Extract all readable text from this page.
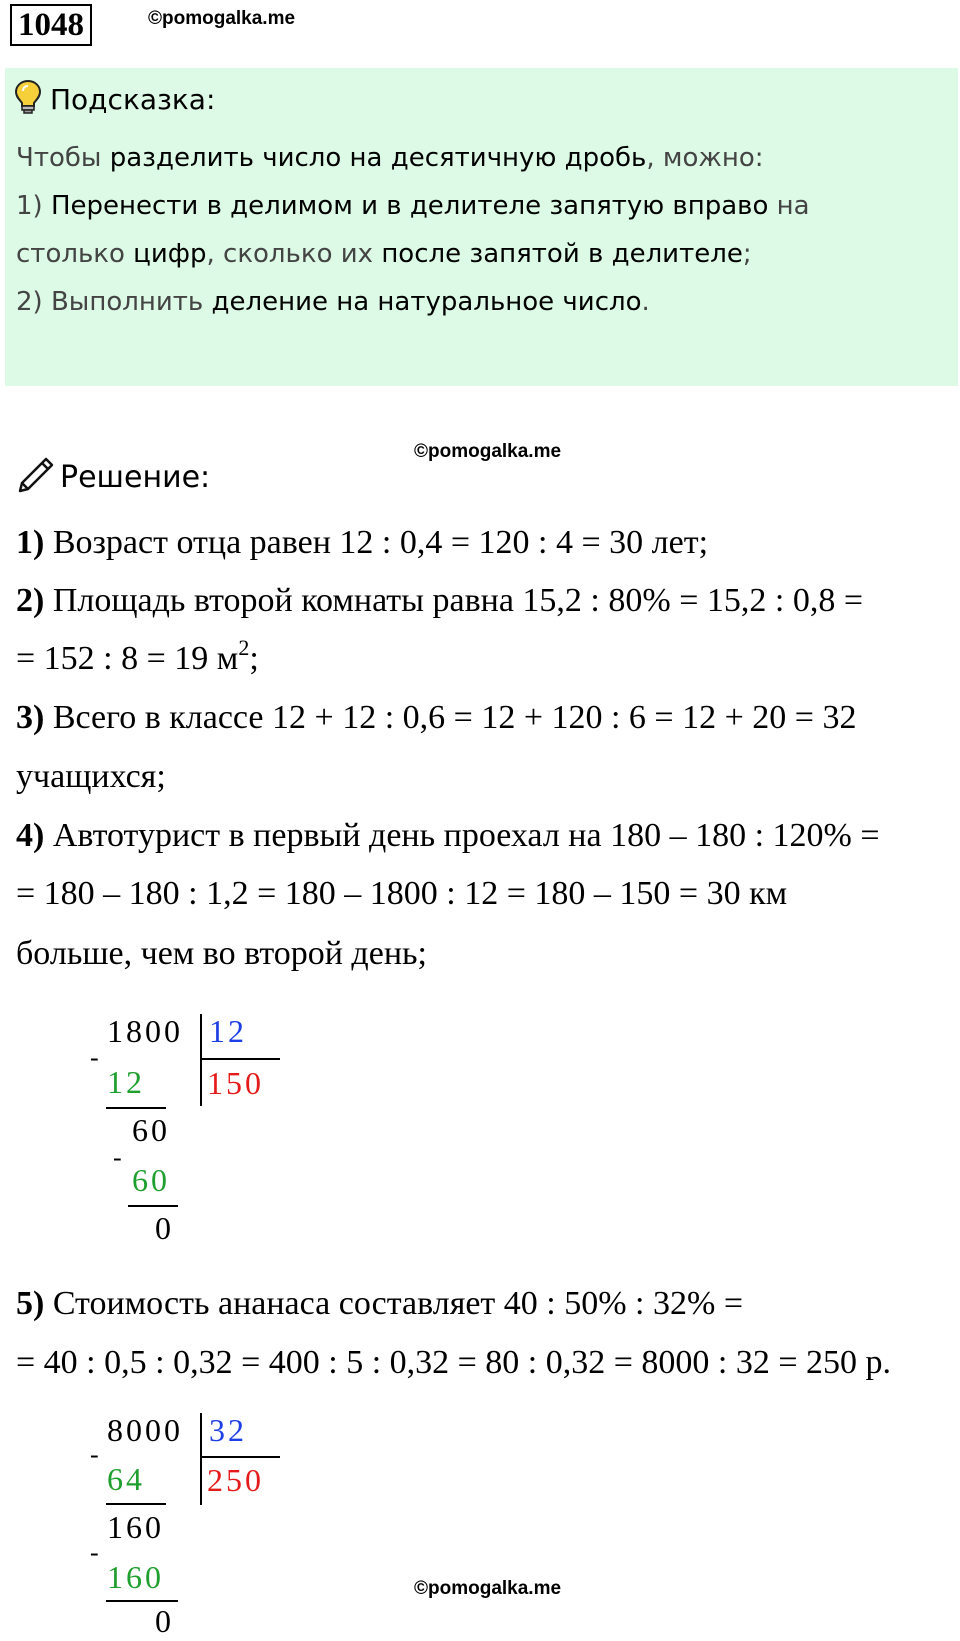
1048	©pomogalka.me
Подсказка:
Чтобы разделить число на десятичную дробь, можно:
1) Перенести в делимом и в делителе запятую вправо на
столько цифр, сколько их после запятой в делителе;
2) Выполнить деление на натуральное число.
©pomogalka.me
Решение:
1) Возраст отца равен 12 : 0,4 = 120 : 4 = 30 лет;
2) Площадь второй комнаты равна 15,2 : 80% = 15,2 : 0,8 =
= 152 : 8 = 19 $м^2$;
3) Всего в классе 12 + 12 : 0,6 = 12 + 120 : 6 = 12 + 20 = 32
учащихся;
4) Автотурист в первый день проехал на 180 – 180 : 120% =
= 180 – 180 : 1,2 = 180 – 1800 : 12 = 180 – 150 = 30 км
больше, чем во второй день;
1800 12
150
-
12
60
-
60
0
5) Стоимость ананаса составляет 40 : 50% : 32% =
= 40 : 0,5 : 0,32 = 400 : 5 : 0,32 = 80 : 0,32 = 8000 : 32 = 250 р.
8000 32
250
-
64
160
-
160
0
©pomogalka.me
